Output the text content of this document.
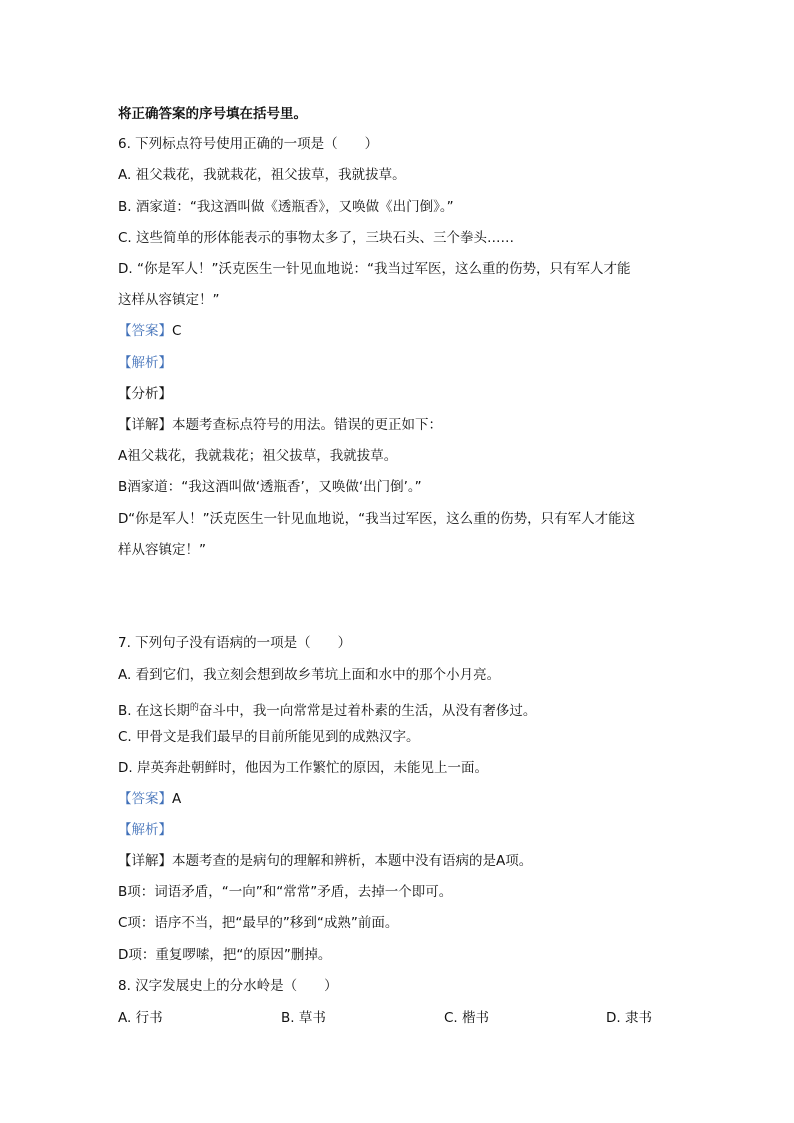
将正确答案的序号填在括号里。
6. 下列标点符号使用正确的一项是（　　）
A. 祖父栽花，我就栽花，祖父拔草，我就拔草。
B. 酒家道：“我这酒叫做《透瓶香》，又唤做《出门倒》。”
C. 这些简单的形体能表示的事物太多了，三块石头、三个拳头……
D. “你是军人！”沃克医生一针见血地说：“我当过军医，这么重的伤势，只有军人才能
这样从容镇定！”
【答案】C
【解析】
【分析】
【详解】本题考查标点符号的用法。错误的更正如下：
A祖父栽花，我就栽花；祖父拔草，我就拔草。
B酒家道：“我这酒叫做‘透瓶香’，又唤做‘出门倒’。”
D“你是军人！”沃克医生一针见血地说，“我当过军医，这么重的伤势，只有军人才能这
样从容镇定！”
7. 下列句子没有语病的一项是（　　）
A. 看到它们，我立刻会想到故乡苇坑上面和水中的那个小月亮。
B. 在这长期$^的$奋斗中，我一向常常是过着朴素的生活，从没有奢侈过。
C. 甲骨文是我们最早的目前所能见到的成熟汉字。
D. 岸英奔赴朝鲜时，他因为工作繁忙的原因，未能见上一面。
【答案】A
【解析】
【详解】本题考查的是病句的理解和辨析，本题中没有语病的是A项。
B项：词语矛盾，“一向”和“常常”矛盾，去掉一个即可。
C项：语序不当，把“最早的”移到“成熟”前面。
D项：重复啰嗦，把“的原因”删掉。
8. 汉字发展史上的分水岭是（　　）
A. 行书	B. 草书	C. 楷书	D. 隶书
